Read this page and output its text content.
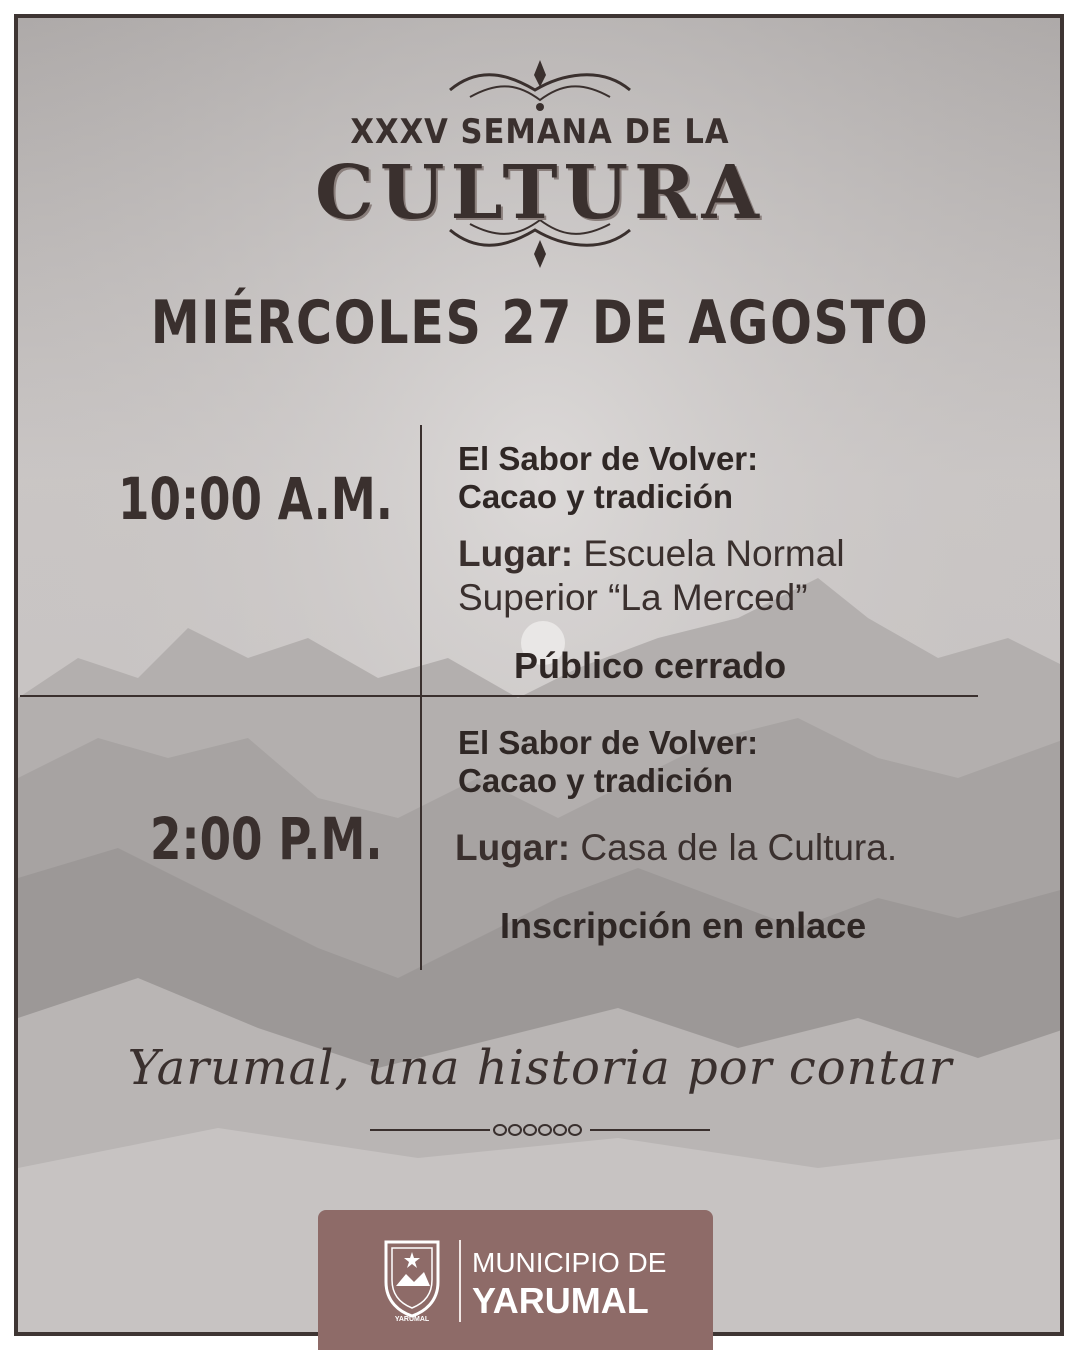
XXXV SEMANA DE LA
CULTURA
MIÉRCOLES 27 DE AGOSTO
10:00 A.M.
El Sabor de Volver:
Cacao y tradición
Lugar: Escuela Normal
Superior “La Merced”
Público cerrado
2:00 P.M.
El Sabor de Volver:
Cacao y tradición
Lugar: Casa de la Cultura.
Inscripción en enlace
Yarumal, una historia por contar
YARUMAL
MUNICIPIO DE
YARUMAL
